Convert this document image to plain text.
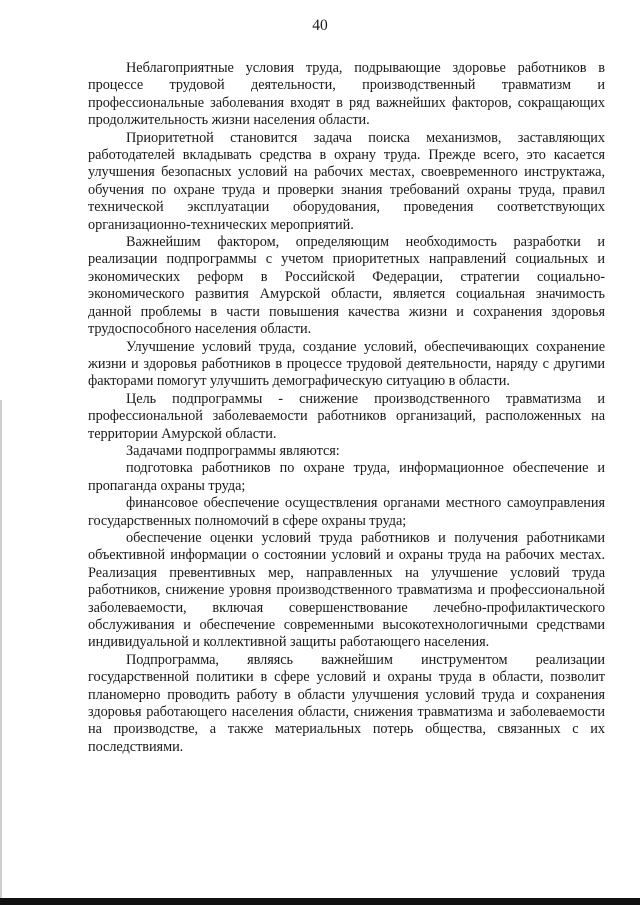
40

Неблагоприятные условия труда, подрывающие здоровье работников в процессе трудовой деятельности, производственный травматизм и профессиональные заболевания входят в ряд важнейших факторов, сокращающих продолжительность жизни населения области.

Приоритетной становится задача поиска механизмов, заставляющих работодателей вкладывать средства в охрану труда. Прежде всего, это касается улучшения безопасных условий на рабочих местах, своевременного инструктажа, обучения по охране труда и проверки знания требований охраны труда, правил технической эксплуатации оборудования, проведения соответствующих организационно-технических мероприятий.

Важнейшим фактором, определяющим необходимость разработки и реализации подпрограммы с учетом приоритетных направлений социальных и экономических реформ в Российской Федерации, стратегии социально-экономического развития Амурской области, является социальная значимость данной проблемы в части повышения качества жизни и сохранения здоровья трудоспособного населения области.

Улучшение условий труда, создание условий, обеспечивающих сохранение жизни и здоровья работников в процессе трудовой деятельности, наряду с другими факторами помогут улучшить демографическую ситуацию в области.

Цель подпрограммы - снижение производственного травматизма и профессиональной заболеваемости работников организаций, расположенных на территории Амурской области.

Задачами подпрограммы являются:

подготовка работников по охране труда, информационное обеспечение и пропаганда охраны труда;

финансовое обеспечение осуществления органами местного самоуправления государственных полномочий в сфере охраны труда;

обеспечение оценки условий труда работников и получения работниками объективной информации о состоянии условий и охраны труда на рабочих местах. Реализация превентивных мер, направленных на улучшение условий труда работников, снижение уровня производственного травматизма и профессиональной заболеваемости, включая совершенствование лечебно-профилактического обслуживания и обеспечение современными высокотехнологичными средствами индивидуальной и коллективной защиты работающего населения.

Подпрограмма, являясь важнейшим инструментом реализации государственной политики в сфере условий и охраны труда в области, позволит планомерно проводить работу в области улучшения условий труда и сохранения здоровья работающего населения области, снижения травматизма и заболеваемости на производстве, а также материальных потерь общества, связанных с их последствиями.
